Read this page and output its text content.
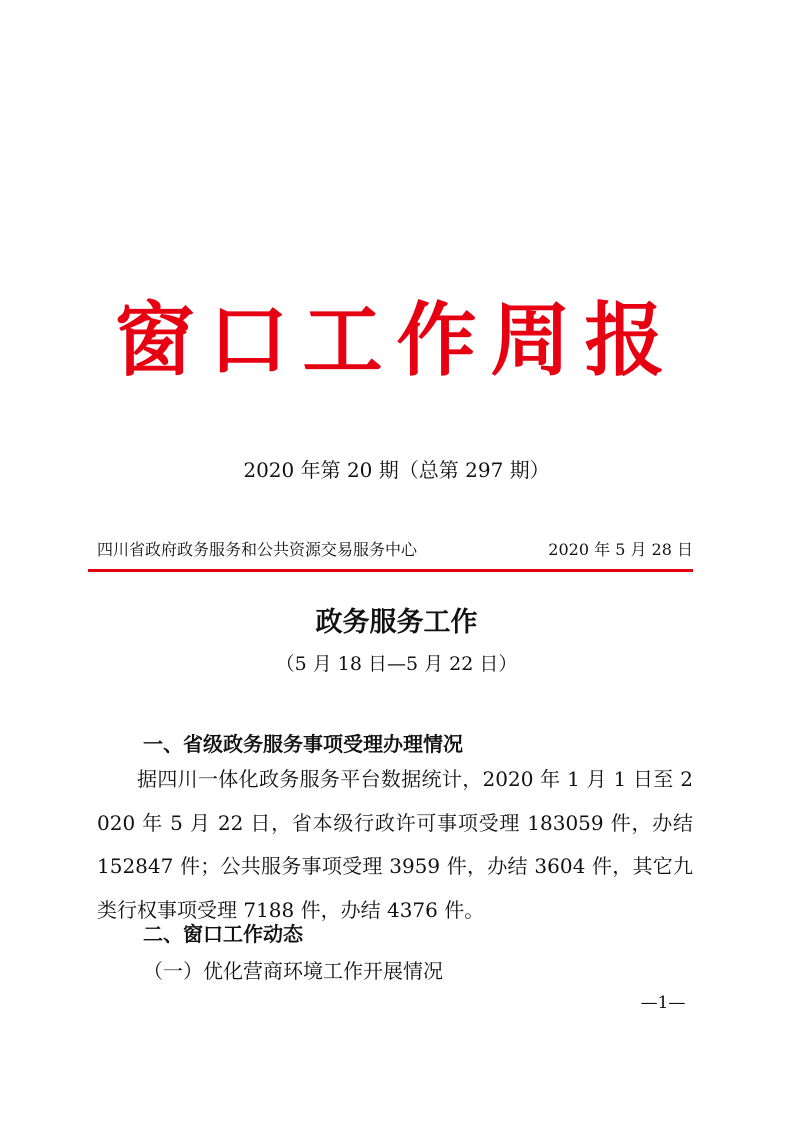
窗口工作周报
2020 年第 20 期（总第 297 期）
四川省政府政务服务和公共资源交易服务中心	2020 年 5 月 28 日
政务服务工作
（5 月 18 日—5 月 22 日）
一、省级政务服务事项受理办理情况
据四川一体化政务服务平台数据统计，2020 年 1 月 1 日至 2020 年 5 月 22 日，省本级行政许可事项受理 183059 件，办结 152847 件；公共服务事项受理 3959 件，办结 3604 件，其它九类行权事项受理 7188 件，办结 4376 件。
二、窗口工作动态
（一）优化营商环境工作开展情况
—1—
